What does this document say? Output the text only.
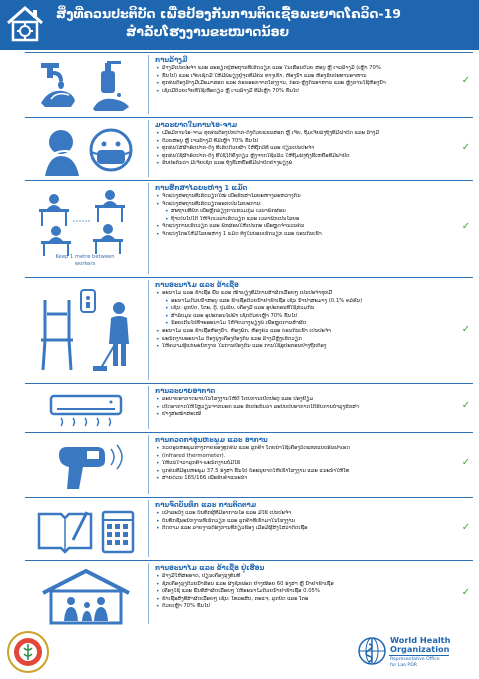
ສິ່ງທີ່ຄວນປະຕິບັດ ເພື່ອປ້ອງກັນການຕິດເຊື້ອພະຍາດໂຄວິດ-19
ສຳລັບໂຮງງານຂະໜາດນ້ອຍ
ການລ້າງມື
• ລ້າງມືເປັນປະຈຳ ແລະ ລະອຽດຢູ່ສະຖານທີ່ເຮັດວຽກ ແລະ ໃນເຮືອນດ້ວຍ ສະບູ ຫຼື ເຈວລ້າງມື (ເຫຼົ້າ 70%
• ຂຶ້ນໄປ) ແລະ ເຈ້ຍເຊັດມື ໃຫ້ມີພໍພຽງຢູ່ຈຸດທີ່ມີຄົນ ທາງເຂົ້າ, ຫ້ອງນ້ຳ ແລະ ຫ້ອງຮັບປະທານອາຫານ
• ທຸກຄົນຕ້ອງລ້າງມືເມື່ອມາຮອດ ແລະ ກ່ອນອອກຈາກໂຮງງານ, ກ່ອນ-ຫຼັງກິນອາຫານ ແລະ ຫຼັງການໃຊ້ຫ້ອງນ້ຳ
• ເຊັດມືດ້ວຍເຈ້ຍທີ່ໃຊ້ເທື່ອດຽວ ຫຼື ເຈວລ້າງມື ທີ່ມີເຫຼົ້າ 70% ຂຶ້ນໄປ
✓
ມາລະຍາດໃນການໄອ-ຈາມ
• ເມື່ອມີການໄອ-ຈາມ ທຸກຄົນຕ້ອງປົກປາກ-ດັງດ້ວຍແຂນສອກ ຫຼື ເຈ້ຍ, ຖິ້ມເຈ້ຍລົງຖັງທີ່ມີຝາປິດ ແລະ ລ້າງມື
• ດ້ວຍສະບູ ຫຼື ເຈວລ້າງມື ທີ່ມີເຫຼົ້າ 70% ຂຶ້ນໄປ
• ທຸກຄົນໃສ່ຜ້າອັດປາກ-ດັງ ທີ່ເຮັດດ້ວຍຜ້າ ໃຫ້ຖືກວິທີ ແລະ ປ່ຽນເປັນປະຈຳ
• ທຸກຄົນໃຊ້ຜ້າອັດປາກ-ດັງ ທີ່ໃຊ້ໄດ້ຄັ້ງດຽວ ຫຼັງຈາກໃຊ້ແລ້ວ ໃຫ້ຖິ້ມລົງຖັງຂີ້ເຫຍື້ອທີ່ມີຝາປິດ
• ຮັບປະກັນວ່າ ມີເຈ້ຍເຊັດ ແລະ ຖັງຂີ້ເຫຍື້ອທີ່ມີຝາປິດຢ່າງພຽງພໍ
✓
Keep 1 metre between workers
ການຮັກສາໄລຍະຫ່າງ 1 ແມັດ
• ຈັດແບ່ງສະຖານທີ່ເຮັດວຽກໃໝ່ ເພື່ອຮັກສາໄລຍະຫ່າງລະຫວ່າງກັນ
• ຈັດແບ່ງສະຖານທີ່ເຮັດວຽກອອກເປັນໄລຍະການ:
• ສະຖານທີ່ພັກ ເພື່ອຫຼີກລ່ຽງການຮວມກຸ່ມ ເວລາພັກຜ່ອນ
• ຖ້າເປັນໄປໄດ້ ໃຫ້ຈັດເວລາເຮັດວຽກ ແລະ ເວລາພັກເປັນໄລຍະ
• ຈັດແບ່ງການເຮັດວຽກ ແລະ ພັກຜ່ອນໃຫ້ເປັນກະ ເພື່ອຫຼຸດຈຳນວນຄົນ
• ຈັດແບ່ງໂຕະໃຫ້ມີໄລຍະຫ່າງ 1 ແມັດ ທັງໃນບ່ອນເຮັດວຽກ ແລະ ບ່ອນກິນເຂົ້າ
✓
ການອະນາໄມ ແລະ ຂ້າເຊື້ອ
• ອະນາໄມ ແລະ ຂ້າເຊື້ອ ພື້ນ ແລະ ໜ້າພຽງທີ່ມີການສຳຜັດເລື້ອຍໆ ເປັນປະຈຳທຸກມື້
• ອະນາໄມດ້ວຍນ້ຳສະບູ ແລະ ຂ້າເຊື້ອດ້ວຍນ້ຳຢາຂ້າເຊື້ອ ເຊັ່ນ ນ້ຳຢາສະມາງ (0.1% ຄລໍຣີນ)
• ເຊັ່ນ: ລູກບິດ, ໂຕະ, ຕູ້, ປຸ່ມລິບ, ເຄື່ອງມື ແລະ ອຸປະກອນທີ່ໃຊ້ຮ່ວມກັນ
• ສຳລັບມູນ ແລະ ອຸປະກອນໄຟຟ້າ ເຊັດດ້ວຍເຫຼົ້າ 70% ຂຶ້ນໄປ
• ນ້ອຍເກີນໄປທີ່ຈະອະນາໄມ ໃຫ້ຈັດວາງພຽງພໍ ເພື່ອຫຼຸດການສຳຜັດ
• ອະນາໄມ ແລະ ຂ້າເຊື້ອຫ້ອງນ້ຳ, ຫ້ອງພັກ, ຫ້ອງຄົວ ແລະ ບ່ອນກິນເຂົ້າ ເປັນປະຈຳ
• ພະນັກງານອະນາໄມ ຕ້ອງນຸ່ງເຄື່ອງປ້ອງກັນ ແລະ ລ້າງມືຫຼັງເຮັດວຽກ
• ໃຫ້ຄວາມຮູ້ແກ່ພະນັກງານ ໃນການປ້ອງກັນ ແລະ ການໃຊ້ອຸປະກອນຢ່າງຖືກຕ້ອງ
✓
ການລະບາຍອາກາດ
• ລະບາຍອາກາດພາຍໃນໂຮງງານໃຫ້ດີ ໂດຍການເປີດປະຕູ ແລະ ປ່ອງຢ້ຽມ
• ເປີດອາກາດໃຫ້ໄຫຼວຽນຈາກນອກ ແລະ ຮັບປະກັນວ່າ ລະບົບປັບອາກາດໄດ້ຮັບການບຳລຸງຮັກສາ
• ຢ່າງສະໝ່ຳສະເໝີ
✓
ການກວດກາອຸນຫະພູມ ແລະ ອາການ
• ກວດອຸນຫະພູມຮ່າງກາຍຂອງທຸກຄົນ ແລະ ລູກຄ້າ ໂດຍນຳໃຊ້ເຄື່ອງວັດແທກແບບອິນຟາເຣດ
• (infrared thermometer).
• ໃຫ້ແນ່ໃຈວ່າລູກຄ້າ-ພະນັກງານບໍ່ມີໄຂ້
• ບຸກຄົນທີ່ມີອຸນຫະພູມ 37.5 ອົງສາ ຂຶ້ນໄປ ບໍ່ອະນຸຍາດໃຫ້ເຂົ້າໂຮງງານ ແລະ ແນະນຳໃຫ້ໂທ
• ສາຍດ່ວນ 165/166 ເພື່ອຮັບຄຳແນະນຳ
✓
ການຈົດບັນທຶກ ແລະ ການຕິດຕາມ
• ເຝົ້າລະວັງ ແລະ ບັນທຶກຜູ້ທີ່ມີອາການໄອ ແລະ ມີໄຂ້ ເປັນປະຈຳ
• ບັນທຶກຊື່ພະນັກງານທີ່ເຮັດວຽກ ແລະ ລູກຄ້າທີ່ເຂົ້າມາໃນໂຮງງານ
• ຕິດຕາມ ແລະ ລາຍງານຕໍ່ອົງການທີ່ກ່ຽວຂ້ອງ ເມື່ອມີຜູ້ສົງໃສວ່າຕິດເຊື້ອ	✓
ການອະນາໄມ ແລະ ຂ້າເຊື້ອ ຢູ່ເຮືອນ
• ລ້າງມືໃຫ້ສະອາດ, ປ່ຽນເຄື່ອງນຸ່ງທັນທີ
• ຊັກເຄື່ອງນຸ່ງດ້ວຍນ້ຳຮ້ອນ ແລະ ຜົງຊັກຟອກ ຢ່າງໜ້ອຍ 60 ອົງສາ ຫຼື ນ້ຳຢາຂ້າເຊື້ອ
• ເຄື່ອງໃຊ້ ແລະ ພື້ນທີ່ສຳຜັດເລື້ອຍໆ ໃຫ້ອະນາໄມດ້ວຍນ້ຳຢາຂ້າເຊື້ອ 0.05%
• ຂ້າເຊື້ອສິ່ງທີ່ສຳຜັດເລື້ອຍໆ ເຊັ່ນ: ໂທລະສັບ, ກະແຈ, ລູກບິດ ແລະ ໂຕະ
• ດ້ວຍເຫຼົ້າ 70% ຂຶ້ນໄປ
✓
World Health
Organization
Representative Office
for Lao PDR
